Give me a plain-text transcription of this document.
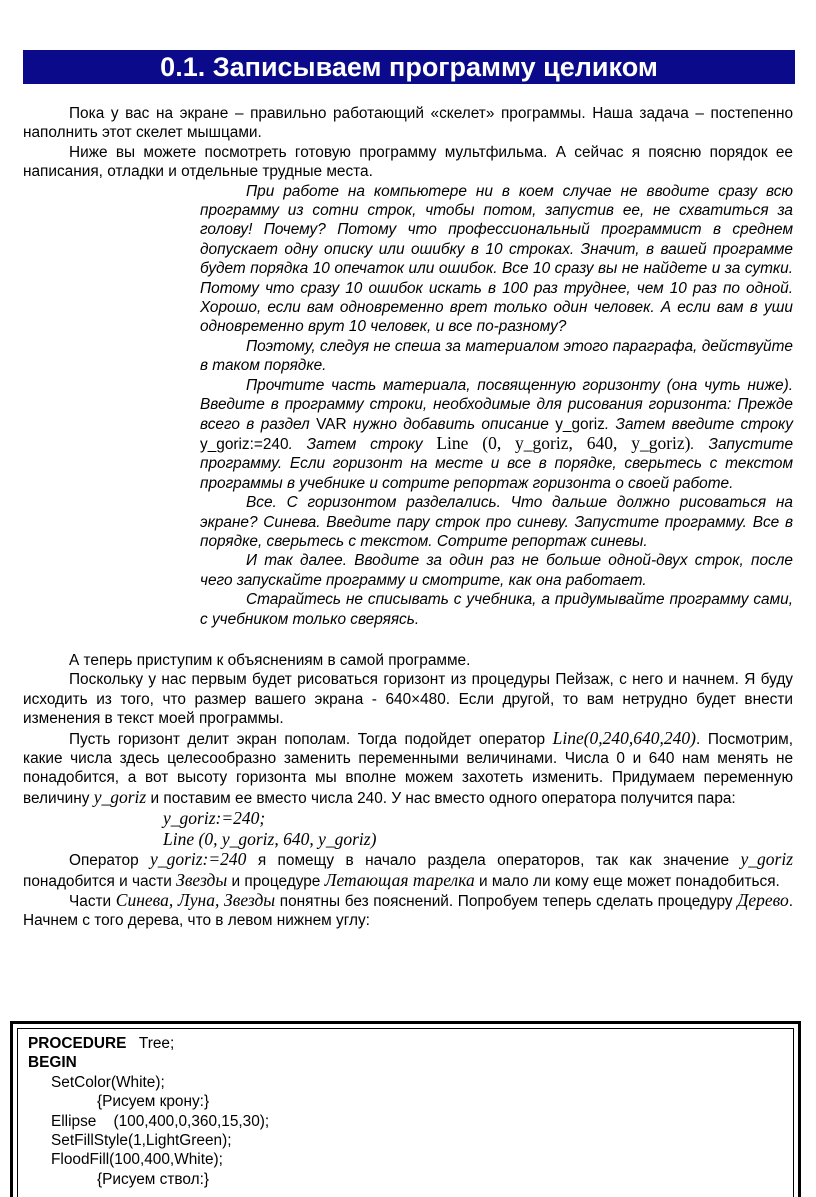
0.1. Записываем программу целиком

Пока у вас на экране – правильно работающий «скелет» программы. Наша задача – постепенно наполнить этот скелет мышцами.

Ниже вы можете посмотреть готовую программу мультфильма. А сейчас я поясню порядок ее написания, отладки и отдельные трудные места.

При работе на компьютере ни в коем случае не вводите сразу всю программу из сотни строк, чтобы потом, запустив ее, не схватиться за голову! Почему? Потому что профессиональный программист в среднем допускает одну описку или ошибку в 10 строках. Значит, в вашей программе будет порядка 10 опечаток или ошибок. Все 10 сразу вы не найдете и за сутки. Потому что сразу 10 ошибок искать в 100 раз труднее, чем 10 раз по одной. Хорошо, если вам одновременно врет только один человек. А если вам в уши одновременно врут 10 человек, и все по-разному?

Поэтому, следуя не спеша за материалом этого параграфа, действуйте в таком порядке.

Прочтите часть материала, посвященную горизонту (она чуть ниже). Введите в программу строки, необходимые для рисования горизонта: Прежде всего в раздел VAR нужно добавить описание y_goriz. Затем введите строку y_goriz:=240. Затем строку Line (0, y_goriz, 640, y_goriz). Запустите программу. Если горизонт на месте и все в порядке, сверьтесь с текстом программы в учебнике и сотрите репортаж горизонта о своей работе.

Все. С горизонтом разделались. Что дальше должно рисоваться на экране? Синева. Введите пару строк про синеву. Запустите программу. Все в порядке, сверьтесь с текстом. Сотрите репортаж синевы.

И так далее. Вводите за один раз не больше одной-двух строк, после чего запускайте программу и смотрите, как она работает.

Старайтесь не списывать с учебника, а придумывайте программу сами, с учебником только сверяясь.

А теперь приступим к объяснениям в самой программе.

Поскольку у нас первым будет рисоваться горизонт из процедуры Пейзаж, с него и начнем. Я буду исходить из того, что размер вашего экрана - 640×480. Если другой, то вам нетрудно будет внести изменения в текст моей программы.

Пусть горизонт делит экран пополам. Тогда подойдет оператор Line(0,240,640,240). Посмотрим, какие числа здесь целесообразно заменить переменными величинами. Числа 0 и 640 нам менять не понадобится, а вот высоту горизонта мы вполне можем захотеть изменить. Придумаем переменную величину y_goriz и поставим ее вместо числа 240. У нас вместо одного оператора получится пара:

y_goriz:=240;
Line (0, y_goriz, 640, y_goriz)

Оператор y_goriz:=240 я помещу в начало раздела операторов, так как значение y_goriz понадобится и части Звезды и процедуре Летающая тарелка и мало ли кому еще может понадобиться.

Части Синева, Луна, Звезды понятны без пояснений. Попробуем теперь сделать процедуру Дерево. Начнем с того дерева, что в левом нижнем углу:

PROCEDURE Tree;
BEGIN
SetColor(White);
{Рисуем крону:}
Ellipse (100,400,0,360,15,30);
SetFillStyle(1,LightGreen);
FloodFill(100,400,White);
{Рисуем ствол:}
